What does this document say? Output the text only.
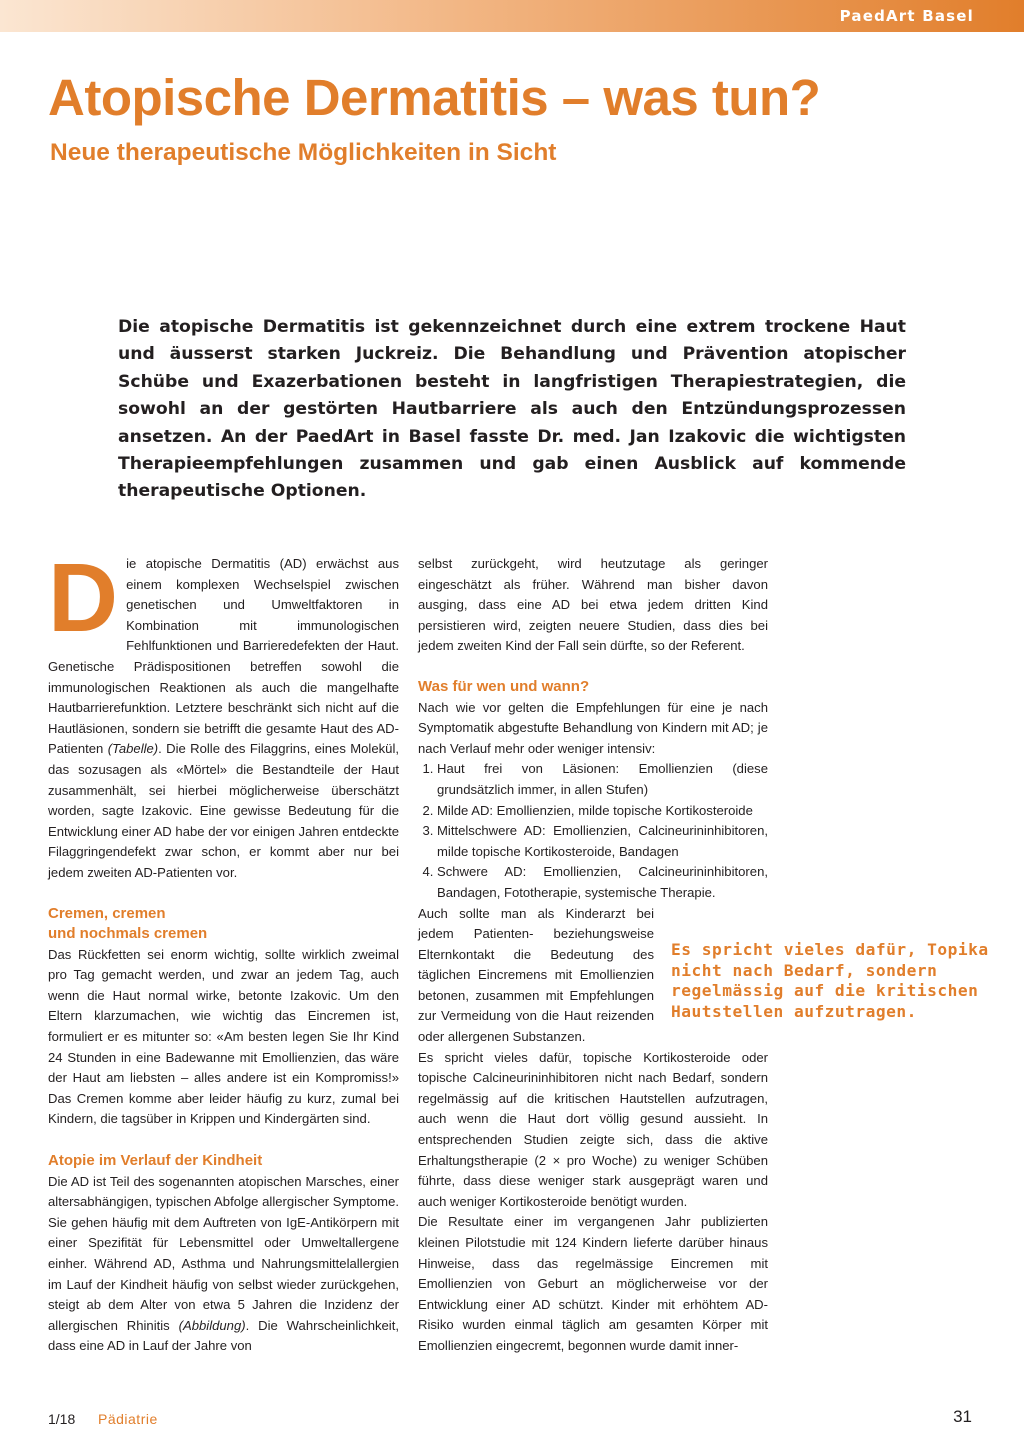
PaedArt Basel
Atopische Dermatitis – was tun?
Neue therapeutische Möglichkeiten in Sicht

Die atopische Dermatitis ist gekennzeichnet durch eine extrem trockene Haut und äusserst starken Juckreiz. Die Behandlung und Prävention atopischer Schübe und Exazerbationen besteht in langfristigen Therapiestrategien, die sowohl an der gestörten Hautbarriere als auch den Entzündungsprozessen ansetzen. An der PaedArt in Basel fasste Dr. med. Jan Izakovic die wichtigsten Therapieempfehlungen zusammen und gab einen Ausblick auf kommende therapeutische Optionen.

Die atopische Dermatitis (AD) erwächst aus einem komplexen Wechselspiel zwischen genetischen und Umweltfaktoren in Kombination mit immunologischen Fehlfunktionen und Barrieredefekten der Haut. Genetische Prädispositionen betreffen sowohl die immunologischen Reaktionen als auch die mangelhafte Hautbarrierefunktion. Letztere beschränkt sich nicht auf die Hautläsionen, sondern sie betrifft die gesamte Haut des AD-Patienten (Tabelle). Die Rolle des Filaggrins, eines Molekül, das sozusagen als «Mörtel» die Bestandteile der Haut zusammenhält, sei hierbei möglicherweise überschätzt worden, sagte Izakovic. Eine gewisse Bedeutung für die Entwicklung einer AD habe der vor einigen Jahren entdeckte Filaggringendefekt zwar schon, er kommt aber nur bei jedem zweiten AD-Patienten vor.

Cremen, cremen
und nochmals cremen

Das Rückfetten sei enorm wichtig, sollte wirklich zweimal pro Tag gemacht werden, und zwar an jedem Tag, auch wenn die Haut normal wirke, betonte Izakovic. Um den Eltern klarzumachen, wie wichtig das Eincremen ist, formuliert er es mitunter so: «Am besten legen Sie Ihr Kind 24 Stunden in eine Badewanne mit Emollienzien, das wäre der Haut am liebsten – alles andere ist ein Kompromiss!» Das Cremen komme aber leider häufig zu kurz, zumal bei Kindern, die tagsüber in Krippen und Kindergärten sind.

Atopie im Verlauf der Kindheit

Die AD ist Teil des sogenannten atopischen Marsches, einer altersabhängigen, typischen Abfolge allergischer Symptome. Sie gehen häufig mit dem Auftreten von IgE-Antikörpern mit einer Spezifität für Lebensmittel oder Umweltallergene einher. Während AD, Asthma und Nahrungsmittelallergien im Lauf der Kindheit häufig von selbst wieder zurückgehen, steigt ab dem Alter von etwa 5 Jahren die Inzidenz der allergischen Rhinitis (Abbildung). Die Wahrscheinlichkeit, dass eine AD in Lauf der Jahre von

selbst zurückgeht, wird heutzutage als geringer eingeschätzt als früher. Während man bisher davon ausging, dass eine AD bei etwa jedem dritten Kind persistieren wird, zeigten neuere Studien, dass dies bei jedem zweiten Kind der Fall sein dürfte, so der Referent.

Was für wen und wann?

Nach wie vor gelten die Empfehlungen für eine je nach Symptomatik abgestufte Behandlung von Kindern mit AD; je nach Verlauf mehr oder weniger intensiv:

1. Haut frei von Läsionen: Emollienzien (diese grundsätzlich immer, in allen Stufen)
2. Milde AD: Emollienzien, milde topische Kortikosteroide
3. Mittelschwere AD: Emollienzien, Calcineurininhibitoren, milde topische Kortikosteroide, Bandagen
4. Schwere AD: Emollienzien, Calcineurininhibitoren, Bandagen, Fototherapie, systemische Therapie.

Auch sollte man als Kinderarzt bei jedem Patienten- beziehungsweise Elternkontakt die Bedeutung des täglichen Eincremens mit Emollienzien betonen, zusammen mit Empfehlungen zur Vermeidung von die Haut reizenden oder allergenen Substanzen.

Es spricht vieles dafür, topische Kortikosteroide oder topische Calcineurininhibitoren nicht nach Bedarf, sondern regelmässig auf die kritischen Hautstellen aufzutragen, auch wenn die Haut dort völlig gesund aussieht. In entsprechenden Studien zeigte sich, dass die aktive Erhaltungstherapie (2 × pro Woche) zu weniger Schüben führte, dass diese weniger stark ausgeprägt waren und auch weniger Kortikosteroide benötigt wurden.

Die Resultate einer im vergangenen Jahr publizierten kleinen Pilotstudie mit 124 Kindern lieferte darüber hinaus Hinweise, dass das regelmässige Eincremen mit Emollienzien von Geburt an möglicherweise vor der Entwicklung einer AD schützt. Kinder mit erhöhtem AD-Risiko wurden einmal täglich am gesamten Körper mit Emollienzien eingecremt, begonnen wurde damit inner-

Es spricht vieles dafür, Topika nicht nach Bedarf, sondern regelmässig auf die kritischen Hautstellen aufzutragen.

1/18 Pädiatrie	31
